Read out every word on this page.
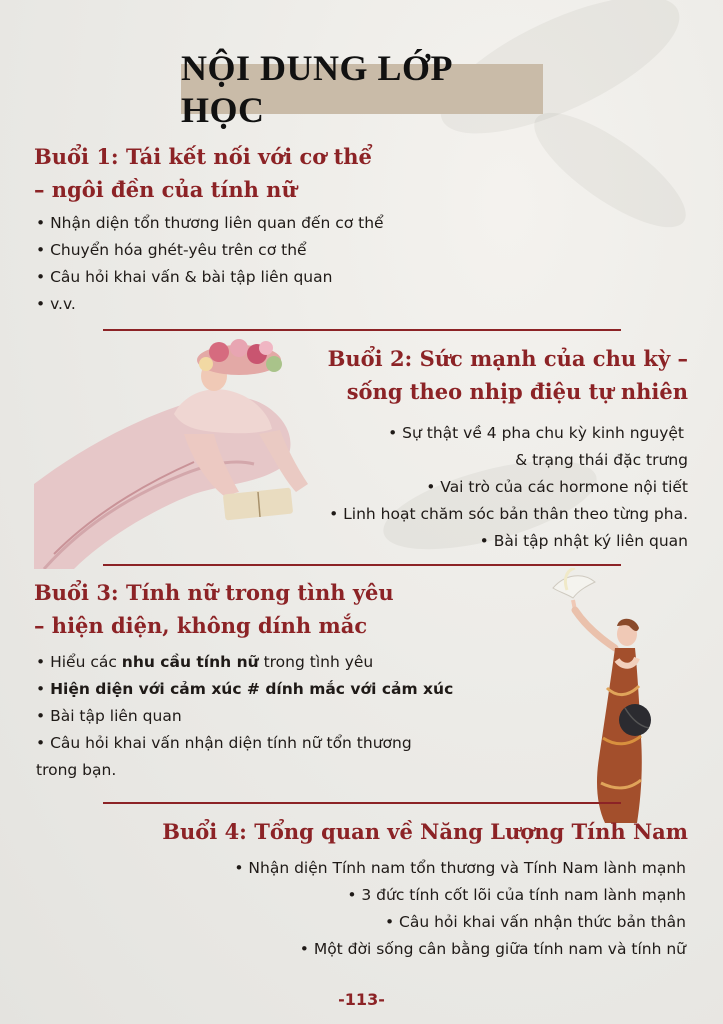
NỘI DUNG LỚP HỌC
Buổi 1: Tái kết nối với cơ thể
– ngôi đền của tính nữ
• Nhận diện tổn thương liên quan đến cơ thể
• Chuyển hóa ghét-yêu trên cơ thể
• Câu hỏi khai vấn & bài tập liên quan
• v.v.
Buổi 2: Sức mạnh của chu kỳ –
sống theo nhịp điệu tự nhiên
• Sự thật về 4 pha chu kỳ kinh nguyệt
& trạng thái đặc trưng
• Vai trò của các hormone nội tiết
• Linh hoạt chăm sóc bản thân theo từng pha.
• Bài tập nhật ký liên quan
Buổi 3: Tính nữ trong tình yêu
– hiện diện, không dính mắc
• Hiểu các nhu cầu tính nữ trong tình yêu
• Hiện diện với cảm xúc # dính mắc với cảm xúc
• Bài tập liên quan
• Câu hỏi khai vấn nhận diện tính nữ tổn thương
trong bạn.
Buổi 4: Tổng quan về Năng Lượng Tính Nam
• Nhận diện Tính nam tổn thương và Tính Nam lành mạnh
• 3 đức tính cốt lõi của tính nam lành mạnh
• Câu hỏi khai vấn nhận thức bản thân
• Một đời sống cân bằng giữa tính nam và tính nữ
-113-
